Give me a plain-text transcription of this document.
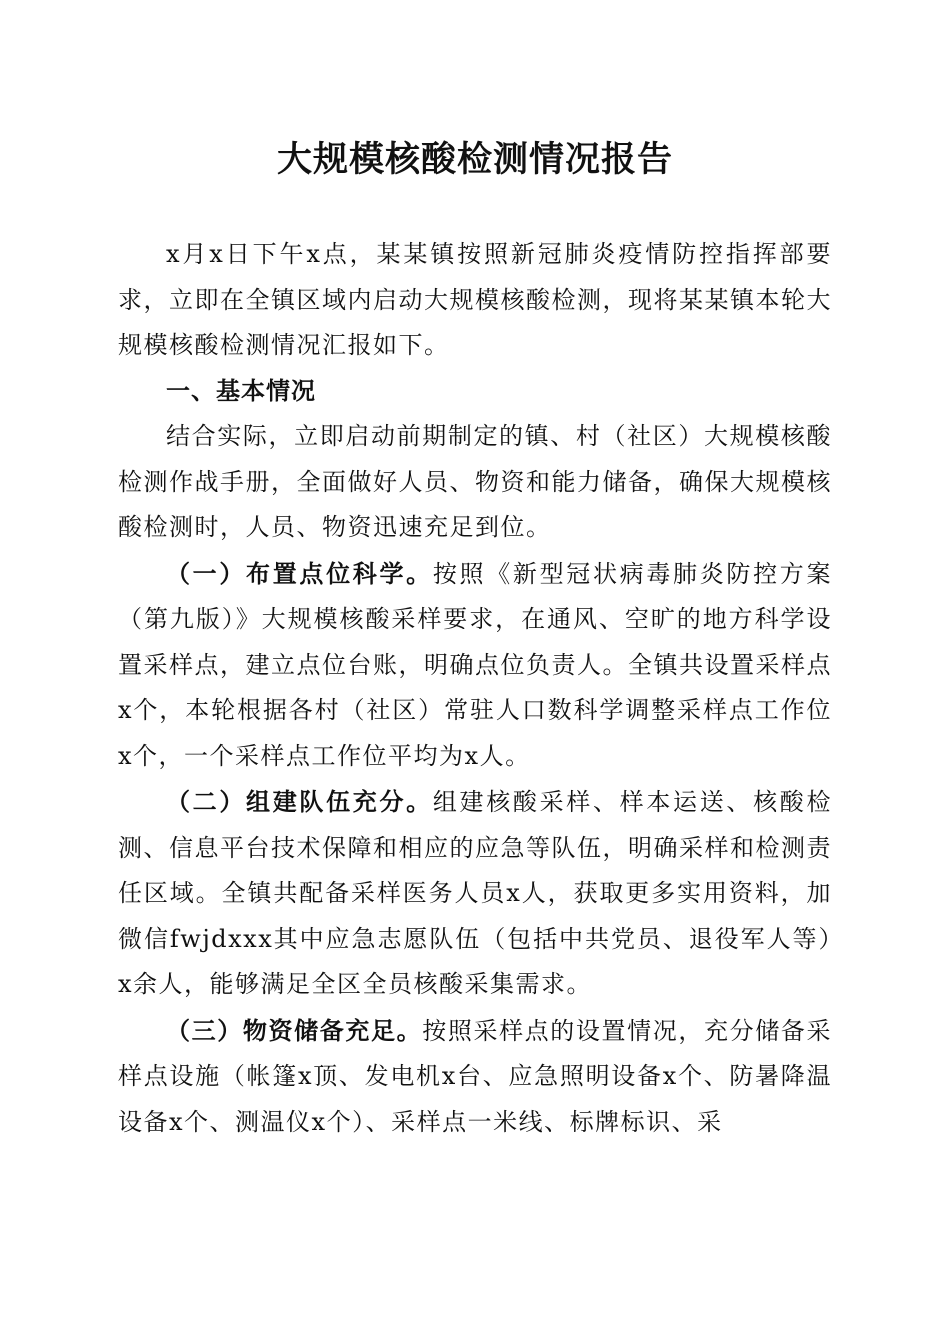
大规模核酸检测情况报告

x月x日下午x点，某某镇按照新冠肺炎疫情防控指挥部要求，立即在全镇区域内启动大规模核酸检测，现将某某镇本轮大规模核酸检测情况汇报如下。

一、基本情况

结合实际，立即启动前期制定的镇、村（社区）大规模核酸检测作战手册，全面做好人员、物资和能力储备，确保大规模核酸检测时，人员、物资迅速充足到位。

（一）布置点位科学。按照《新型冠状病毒肺炎防控方案（第九版）》大规模核酸采样要求，在通风、空旷的地方科学设置采样点，建立点位台账，明确点位负责人。全镇共设置采样点x个，本轮根据各村（社区）常驻人口数科学调整采样点工作位x个，一个采样点工作位平均为x人。

（二）组建队伍充分。组建核酸采样、样本运送、核酸检测、信息平台技术保障和相应的应急等队伍，明确采样和检测责任区域。全镇共配备采样医务人员x人，获取更多实用资料，加微信fwjdxxx其中应急志愿队伍（包括中共党员、退役军人等）x余人，能够满足全区全员核酸采集需求。

（三）物资储备充足。按照采样点的设置情况，充分储备采样点设施（帐篷x顶、发电机x台、应急照明设备x个、防暑降温设备x个、测温仪x个）、采样点一米线、标牌标识、采
